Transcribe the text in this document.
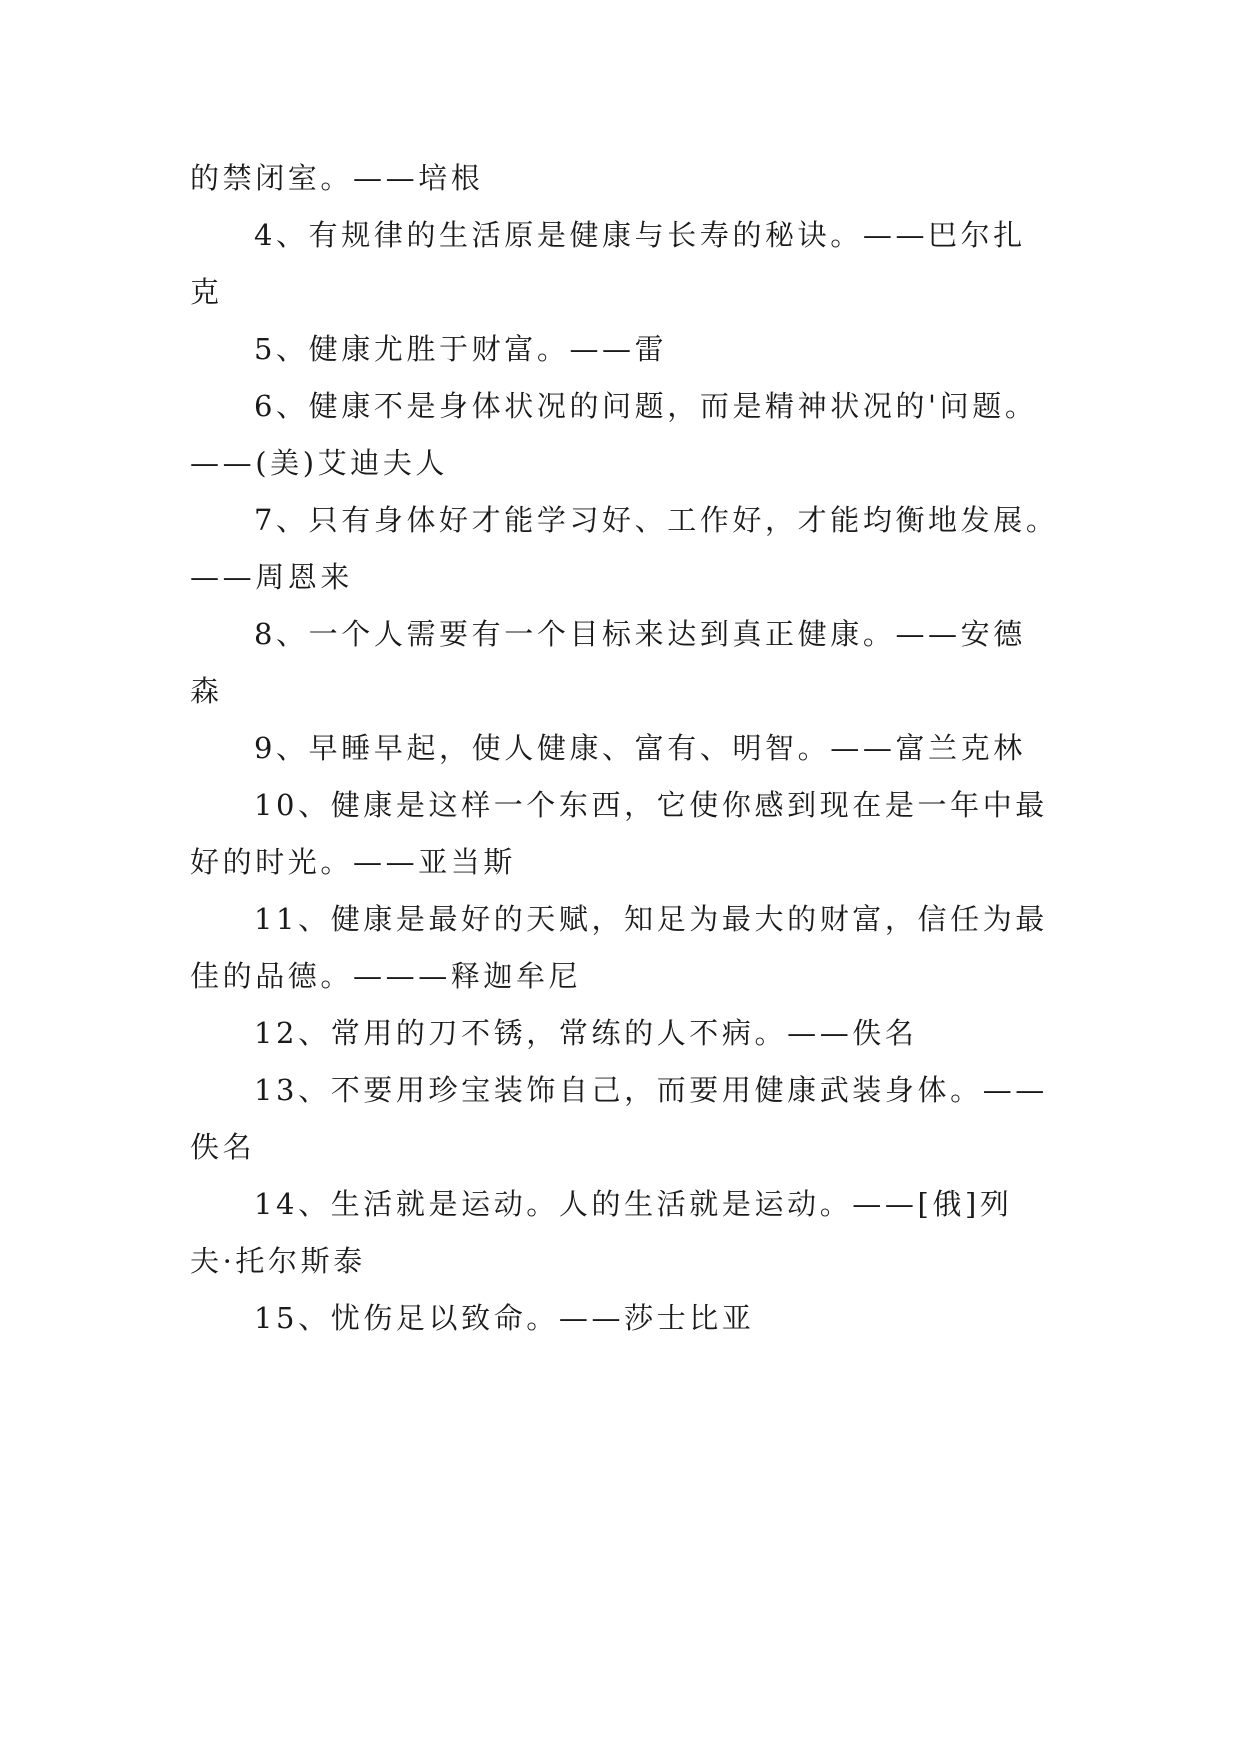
的禁闭室。——培根
4、有规律的生活原是健康与长寿的秘诀。——巴尔扎
克
5、健康尤胜于财富。——雷
6、健康不是身体状况的问题，而是精神状况的'问题。
——(美)艾迪夫人
7、只有身体好才能学习好、工作好，才能均衡地发展。
——周恩来
8、一个人需要有一个目标来达到真正健康。——安德
森
9、早睡早起，使人健康、富有、明智。——富兰克林
10、健康是这样一个东西，它使你感到现在是一年中最
好的时光。——亚当斯
11、健康是最好的天赋，知足为最大的财富，信任为最
佳的品德。———释迦牟尼
12、常用的刀不锈，常练的人不病。——佚名
13、不要用珍宝装饰自己，而要用健康武装身体。——
佚名
14、生活就是运动。人的生活就是运动。——[俄]列
夫·托尔斯泰
15、忧伤足以致命。——莎士比亚
